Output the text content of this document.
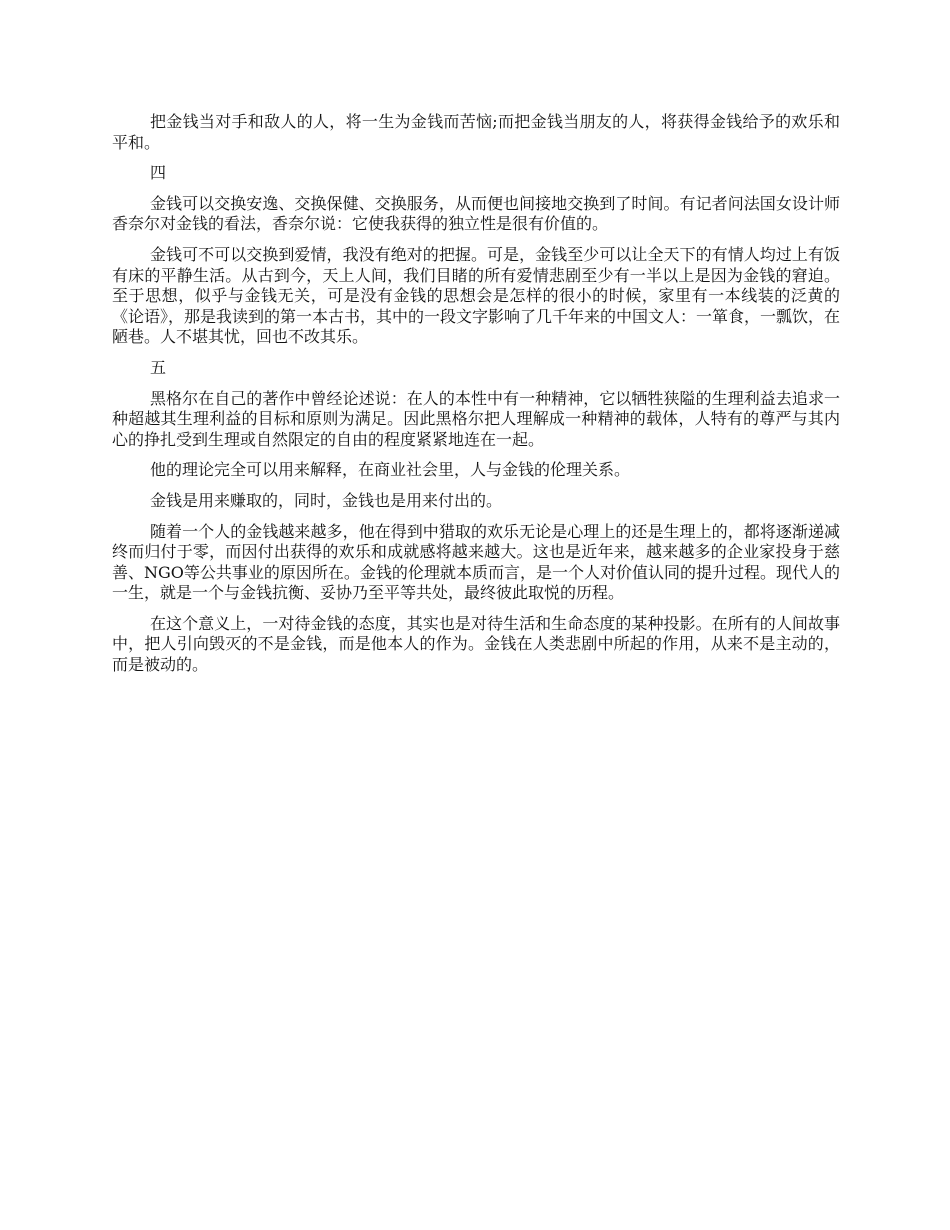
把金钱当对手和敌人的人，将一生为金钱而苦恼;而把金钱当朋友的人，将获得金钱给予的欢乐和平和。

四

金钱可以交换安逸、交换保健、交换服务，从而便也间接地交换到了时间。有记者问法国女设计师香奈尔对金钱的看法，香奈尔说：它使我获得的独立性是很有价值的。

金钱可不可以交换到爱情，我没有绝对的把握。可是，金钱至少可以让全天下的有情人均过上有饭有床的平静生活。从古到今，天上人间，我们目睹的所有爱情悲剧至少有一半以上是因为金钱的窘迫。至于思想，似乎与金钱无关，可是没有金钱的思想会是怎样的很小的时候，家里有一本线装的泛黄的《论语》，那是我读到的第一本古书，其中的一段文字影响了几千年来的中国文人：一箪食，一瓢饮，在陋巷。人不堪其忧，回也不改其乐。

五

黑格尔在自己的著作中曾经论述说：在人的本性中有一种精神，它以牺牲狭隘的生理利益去追求一种超越其生理利益的目标和原则为满足。因此黑格尔把人理解成一种精神的载体，人特有的尊严与其内心的挣扎受到生理或自然限定的自由的程度紧紧地连在一起。

他的理论完全可以用来解释，在商业社会里，人与金钱的伦理关系。

金钱是用来赚取的，同时，金钱也是用来付出的。

随着一个人的金钱越来越多，他在得到中猎取的欢乐无论是心理上的还是生理上的，都将逐渐递减终而归付于零，而因付出获得的欢乐和成就感将越来越大。这也是近年来，越来越多的企业家投身于慈善、NGO等公共事业的原因所在。金钱的伦理就本质而言，是一个人对价值认同的提升过程。现代人的一生，就是一个与金钱抗衡、妥协乃至平等共处，最终彼此取悦的历程。

在这个意义上，一对待金钱的态度，其实也是对待生活和生命态度的某种投影。在所有的人间故事中，把人引向毁灭的不是金钱，而是他本人的作为。金钱在人类悲剧中所起的作用，从来不是主动的，而是被动的。
